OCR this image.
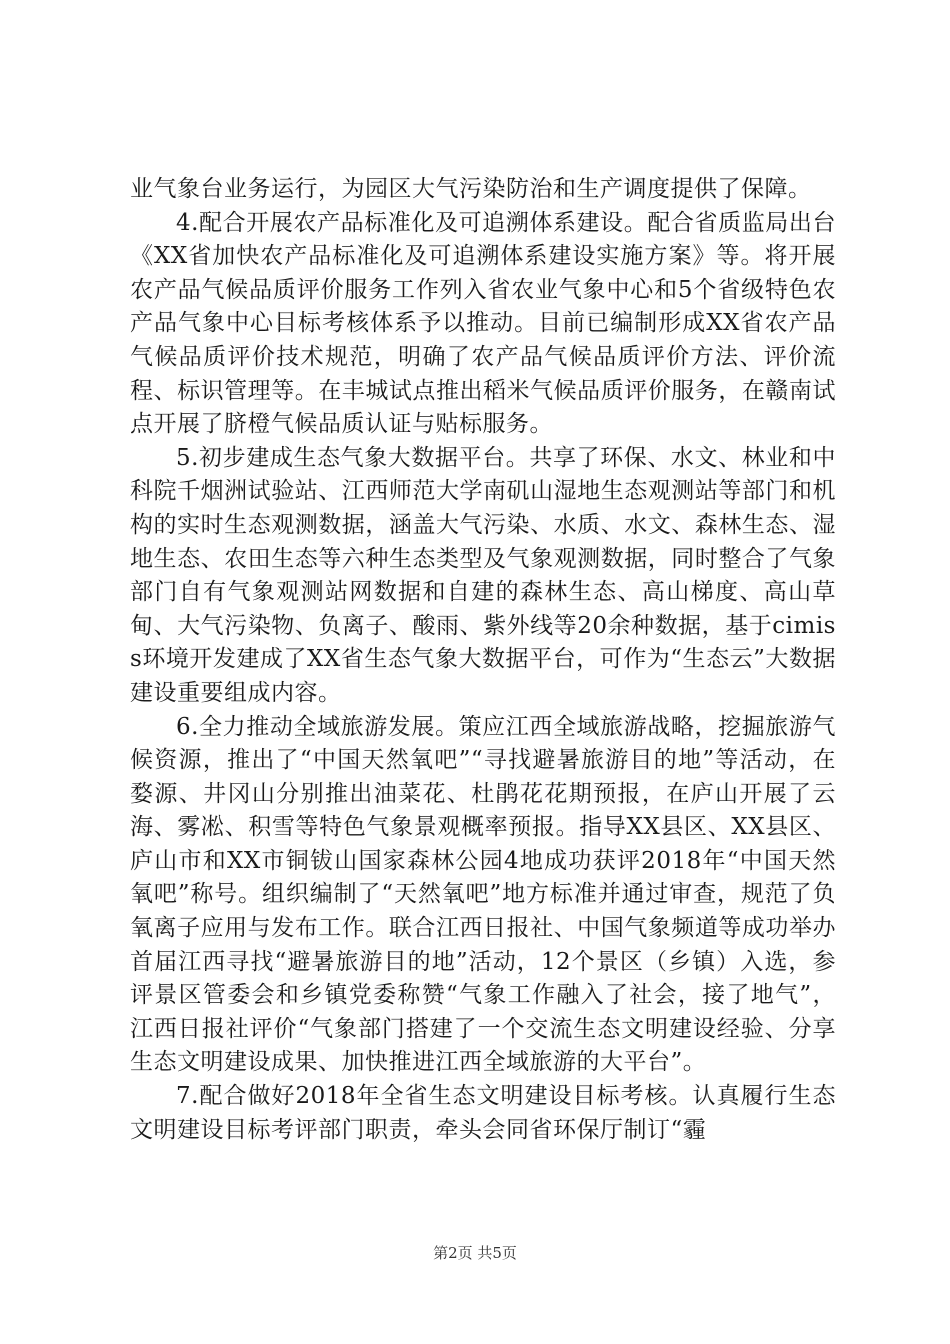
业气象台业务运行，为园区大气污染防治和生产调度提供了保障。

4.配合开展农产品标准化及可追溯体系建设。配合省质监局出台《XX省加快农产品标准化及可追溯体系建设实施方案》等。将开展农产品气候品质评价服务工作列入省农业气象中心和5个省级特色农产品气象中心目标考核体系予以推动。目前已编制形成XX省农产品气候品质评价技术规范，明确了农产品气候品质评价方法、评价流程、标识管理等。在丰城试点推出稻米气候品质评价服务，在赣南试点开展了脐橙气候品质认证与贴标服务。

5.初步建成生态气象大数据平台。共享了环保、水文、林业和中科院千烟洲试验站、江西师范大学南矶山湿地生态观测站等部门和机构的实时生态观测数据，涵盖大气污染、水质、水文、森林生态、湿地生态、农田生态等六种生态类型及气象观测数据，同时整合了气象部门自有气象观测站网数据和自建的森林生态、高山梯度、高山草甸、大气污染物、负离子、酸雨、紫外线等20余种数据，基于cimiss环境开发建成了XX省生态气象大数据平台，可作为“生态云”大数据建设重要组成内容。

6.全力推动全域旅游发展。策应江西全域旅游战略，挖掘旅游气候资源，推出了“中国天然氧吧”“寻找避暑旅游目的地”等活动，在婺源、井冈山分别推出油菜花、杜鹃花花期预报，在庐山开展了云海、雾凇、积雪等特色气象景观概率预报。指导XX县区、XX县区、庐山市和XX市铜钹山国家森林公园4地成功获评2018年“中国天然氧吧”称号。组织编制了“天然氧吧”地方标准并通过审查，规范了负氧离子应用与发布工作。联合江西日报社、中国气象频道等成功举办首届江西寻找“避暑旅游目的地”活动，12个景区（乡镇）入选，参评景区管委会和乡镇党委称赞“气象工作融入了社会，接了地气”，江西日报社评价“气象部门搭建了一个交流生态文明建设经验、分享生态文明建设成果、加快推进江西全域旅游的大平台”。

7.配合做好2018年全省生态文明建设目标考核。认真履行生态文明建设目标考评部门职责，牵头会同省环保厅制订“霾

第2页 共5页
